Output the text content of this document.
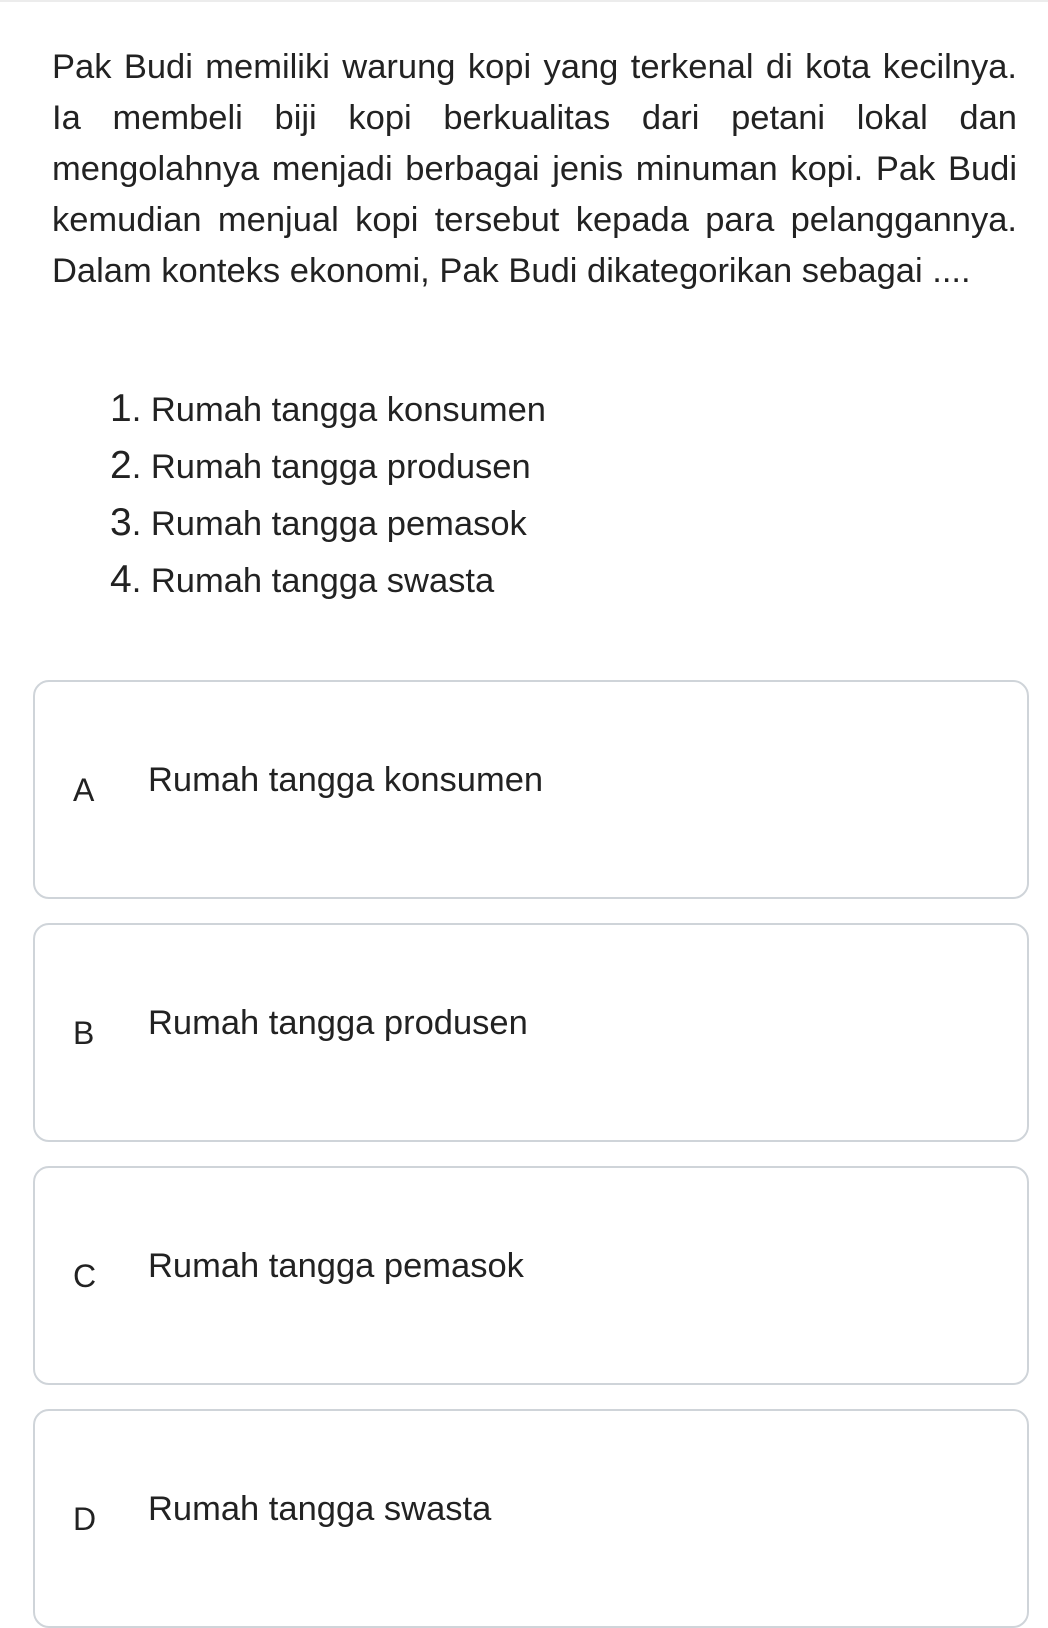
Pak Budi memiliki warung kopi yang terkenal di kota kecilnya. Ia membeli biji kopi berkualitas dari petani lokal dan mengolahnya menjadi berbagai jenis minuman kopi. Pak Budi kemudian menjual kopi tersebut kepada para pelanggannya. Dalam konteks ekonomi, Pak Budi dikategorikan sebagai ....

1. Rumah tangga konsumen
2. Rumah tangga produsen
3. Rumah tangga pemasok
4. Rumah tangga swasta
A Rumah tangga konsumen
B Rumah tangga produsen
C Rumah tangga pemasok
D Rumah tangga swasta
